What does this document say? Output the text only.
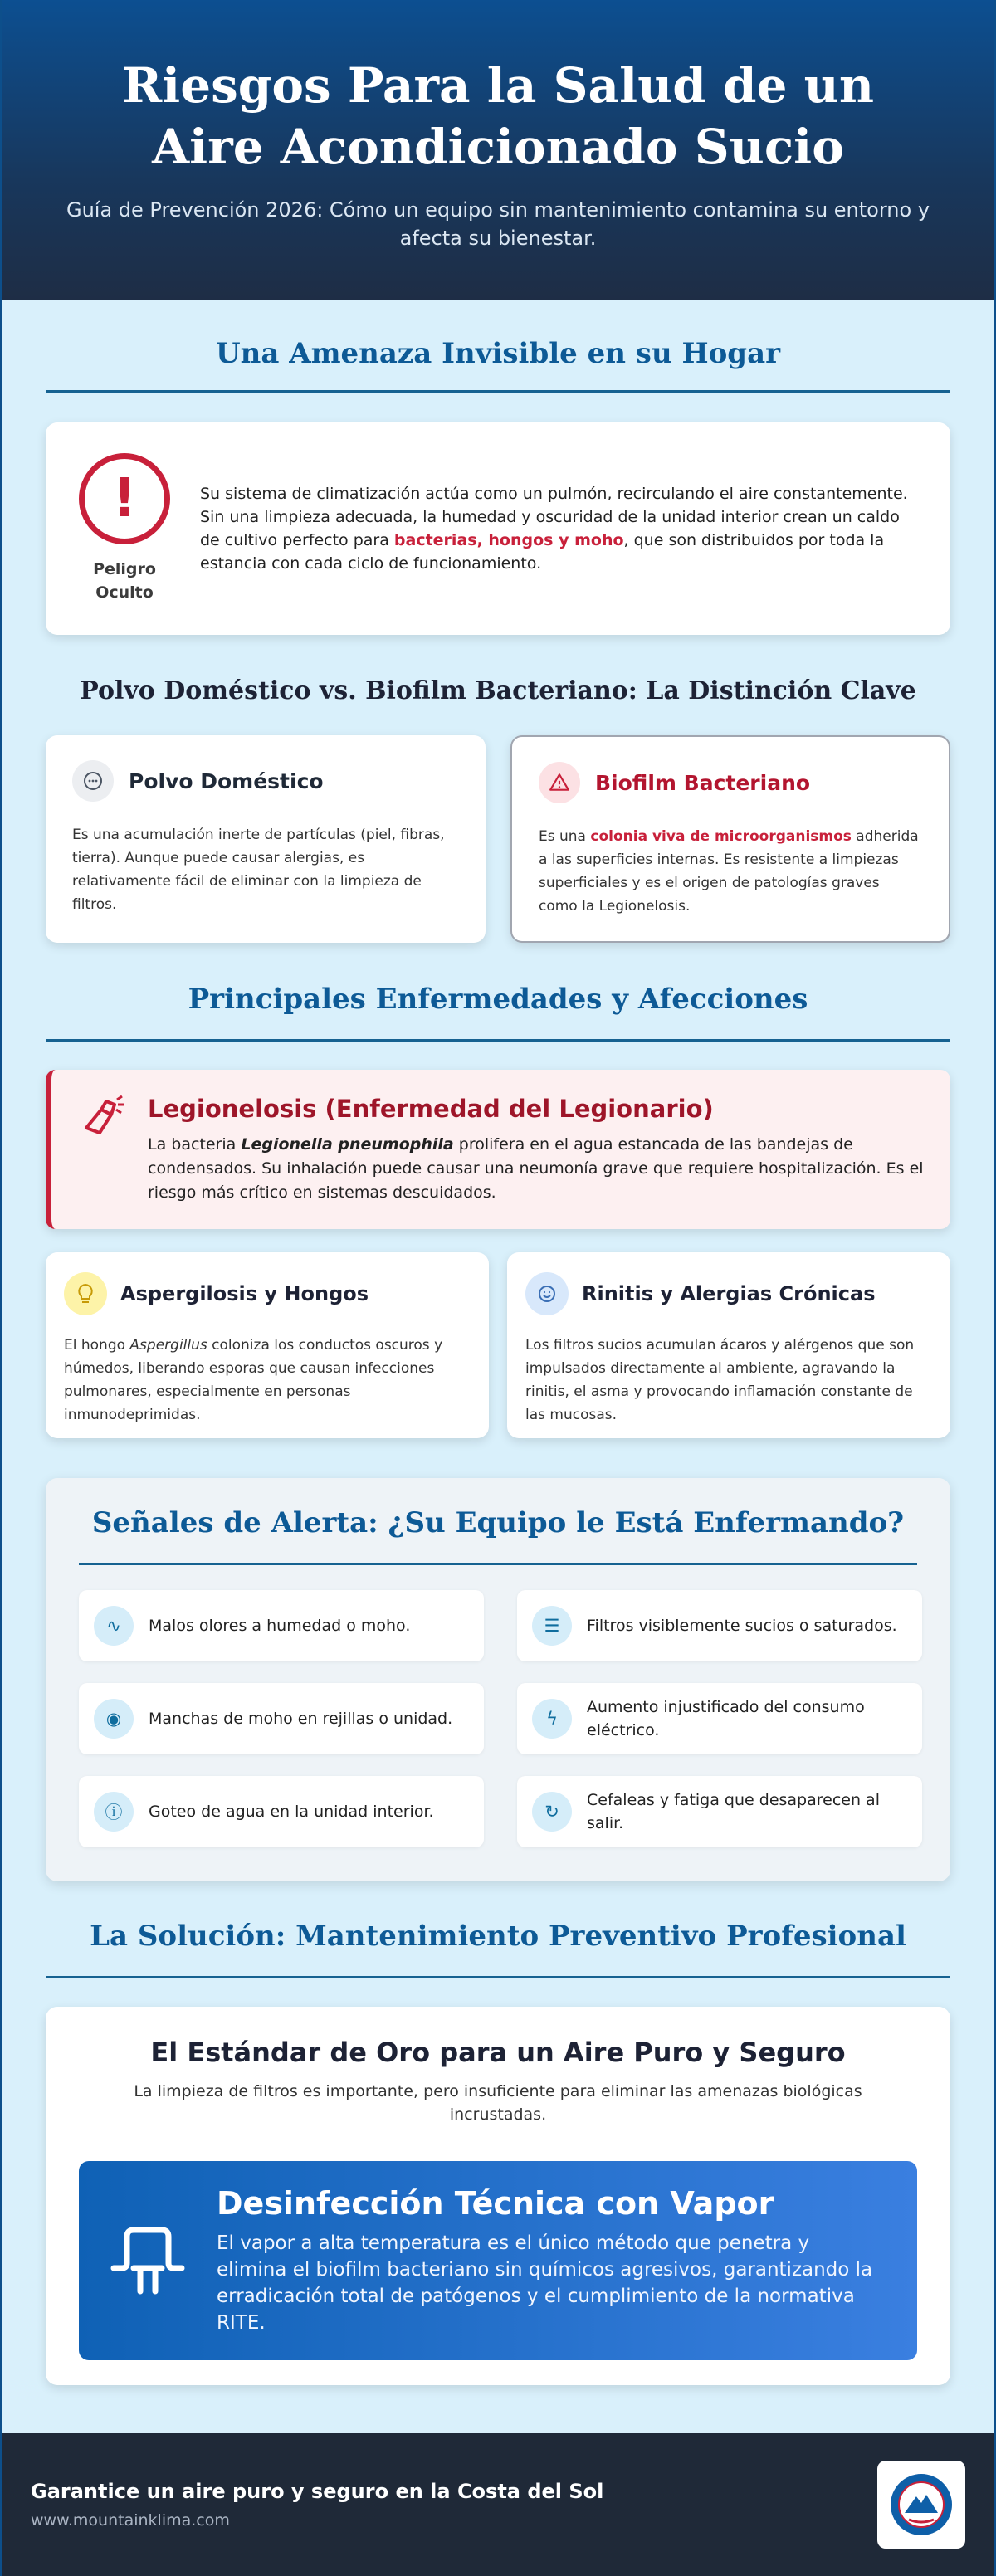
Riesgos Para la Salud de un Aire Acondicionado Sucio

Guía de Prevención 2026: Cómo un equipo sin mantenimiento contamina su entorno y afecta su bienestar.

Una Amenaza Invisible en su Hogar
!
Peligro Oculto

Su sistema de climatización actúa como un pulmón, recirculando el aire constantemente. Sin una limpieza adecuada, la humedad y oscuridad de la unidad interior crean un caldo de cultivo perfecto para bacterias, hongos y moho, que son distribuidos por toda la estancia con cada ciclo de funcionamiento.

Polvo Doméstico vs. Biofilm Bacteriano: La Distinción Clave
Polvo Doméstico

Es una acumulación inerte de partículas (piel, fibras, tierra). Aunque puede causar alergias, es relativamente fácil de eliminar con la limpieza de filtros.

Biofilm Bacteriano

Es una colonia viva de microorganismos adherida a las superficies internas. Es resistente a limpiezas superficiales y es el origen de patologías graves como la Legionelosis.

Principales Enfermedades y Afecciones
Legionelosis (Enfermedad del Legionario)

La bacteria Legionella pneumophila prolifera en el agua estancada de las bandejas de condensados. Su inhalación puede causar una neumonía grave que requiere hospitalización. Es el riesgo más crítico en sistemas descuidados.

Aspergilosis y Hongos

El hongo Aspergillus coloniza los conductos oscuros y húmedos, liberando esporas que causan infecciones pulmonares, especialmente en personas inmunodeprimidas.

Rinitis y Alergias Crónicas

Los filtros sucios acumulan ácaros y alérgenos que son impulsados directamente al ambiente, agravando la rinitis, el asma y provocando inflamación constante de las mucosas.

Señales de Alerta: ¿Su Equipo le Está Enfermando?
∿	Malos olores a humedad o moho.	☰	Filtros visiblemente sucios o saturados.
◉	Manchas de moho en rejillas o unidad.	ϟ
Aumento injustificado del consumo eléctrico.
ⓘ	Goteo de agua en la unidad interior.	↻
Cefaleas y fatiga que desaparecen al salir.
La Solución: Mantenimiento Preventivo Profesional
El Estándar de Oro para un Aire Puro y Seguro

La limpieza de filtros es importante, pero insuficiente para eliminar las amenazas biológicas incrustadas.

Desinfección Técnica con Vapor

El vapor a alta temperatura es el único método que penetra y elimina el biofilm bacteriano sin químicos agresivos, garantizando la erradicación total de patógenos y el cumplimiento de la normativa RITE.

Garantice un aire puro y seguro en la Costa del Sol
www.mountainklima.com
